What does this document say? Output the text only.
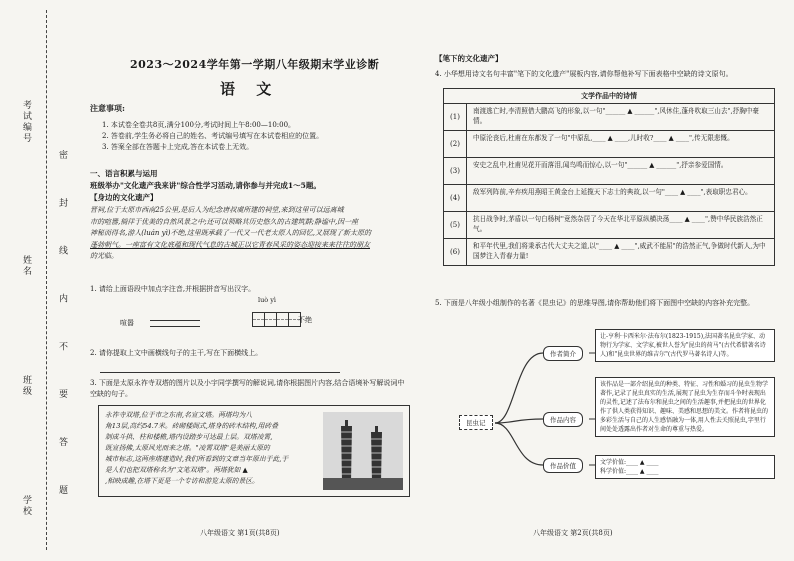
考试编号
姓名
班级
学校	密 封 线 内 不 要 答 题
2023～2024学年第一学期八年级期末学业诊断
语 文
注意事项:
1. 本试卷全卷共8页,满分100分,考试时间上午8:00—10:00。
2. 答卷前,学生务必将自己的姓名、考试编号填写在本试卷相应的位置。
3. 答案全部在答题卡上完成,答在本试卷上无效。
一、语言积累与运用
班级举办"文化遗产我来讲"综合性学习活动,请你参与并完成1～5题。
【身边的文化遗产】
晋祠,位于太原市西南25公里,是后人为纪念唐叔虞所建的祠堂,来到这里可以远离城
市的喧嚣,徜徉于优美的自然风景之中;还可以领略其历史悠久的古建筑群;静谧中,因一座
神秘而得名,游人(luán yì)不绝,这里既承载了一代又一代老太原人的回忆,又展现了新太原的
蓬勃朝气。一座富有文化底蕴和现代气息的古城正以它青春风采的姿态迎接来来往往的朋友
的光临。
1. 请给上面语段中加点字注音,并根据拼音写出汉字。
luò yì
喧嚣	不绝
2. 请你提取上文中画横线句子的主干,写在下面横线上。
3. 下面是太原永祚寺双塔的图片以及小宇同学撰写的解说词,请你根据图片内容,结合语境补写解说词中空缺的句子。
永祚寺双塔,位于市之东南,名宣文塔。两塔均为八
角13层,高约54.7米。砖砌楼阁式,塔身的砖木结构,用砖叠
制成斗拱、柱和楼檐,塔内设踏步可达最上层。双塔凌霄,
既宣扬佛,太原风光而来之塔。"凌霄双塔"是美丽太原的
城市标志,这两座塔建造时,我们所看到的文章当年原出于此,于
是人们也把双塔称名为"文笔双塔"。两塔犹如 ▲
,相映成趣,在塔下更是一个专访和游览太原的景区。
八年级语文 第1页(共8页)
【笔下的文化遗产】
4. 小华想用诗文名句丰富"笔下的文化遗产"展板内容,请你帮他补写下面表格中空缺的诗文原句。
文学作品中的诗情
(1)
南渡逃亡时,李清照借大鹏高飞的形象,以一句"______ ▲ ______",风休住,蓬舟吹取三山去",抒胸中豪情。
(2)
中原沦丧后,杜甫在东都发了一句"中原乱,____ ▲ ____,儿时收?____ ▲ ____",传无限悲慨。
(3)
安史之乱中,杜甫见花开而落泪,闻鸟鸣而惊心,以一句"______ ▲ ______",抒亲参爱国情。
(4)
敌军列阵前,辛弃疾用燕昭王黄金台上延揽天下志士的典故,以一句"____ ▲ ____",表取职忠君心。
(5)
抗日战争时,茅盾以一句白杨树"竟然杂居了今天在华北平原纵横决荡____ ▲ ____",赞中华民族浩然正气。
(6)
和平年代里,我们将秉承古代大丈夫之道,以"____ ▲ ____",威武不能屈"的浩然正气,争做时代新人,为中国梦注入青春力量!
5. 下面是八年级小组制作的名著《昆虫记》的思维导图,请你帮助他们将下面图中空缺的内容补充完整。
昆虫记
作者简介
让-亨利·卡西米尔·法布尔(1823-1915),法国著名昆虫学家、动物行为学家、文学家,被世人誉为"昆虫的荷马"(古代希腊著名诗人)和"昆虫世界的维吉尔"(古代罗马著名诗人)等。
作品内容
该作品是一部介绍昆虫的种类、特征、习性和婚习的昆虫生物学著作,记录了昆虫真实的生活,展现了昆虫为生存而斗争时表现出的灵性,记述了法布尔和昆虫之间的生活趣事,并把昆虫的世界化作了供人类获得知识、趣味、美感和思想的美文。作者将昆虫的多彩生活与自己的人生感悟融为一体,用人性去关照昆虫,字里行间处处透露出作者对生命的尊重与热爱。
作品价值	文学价值:____ ▲ ____
科学价值:____ ▲ ____
八年级语文 第2页(共8页)
